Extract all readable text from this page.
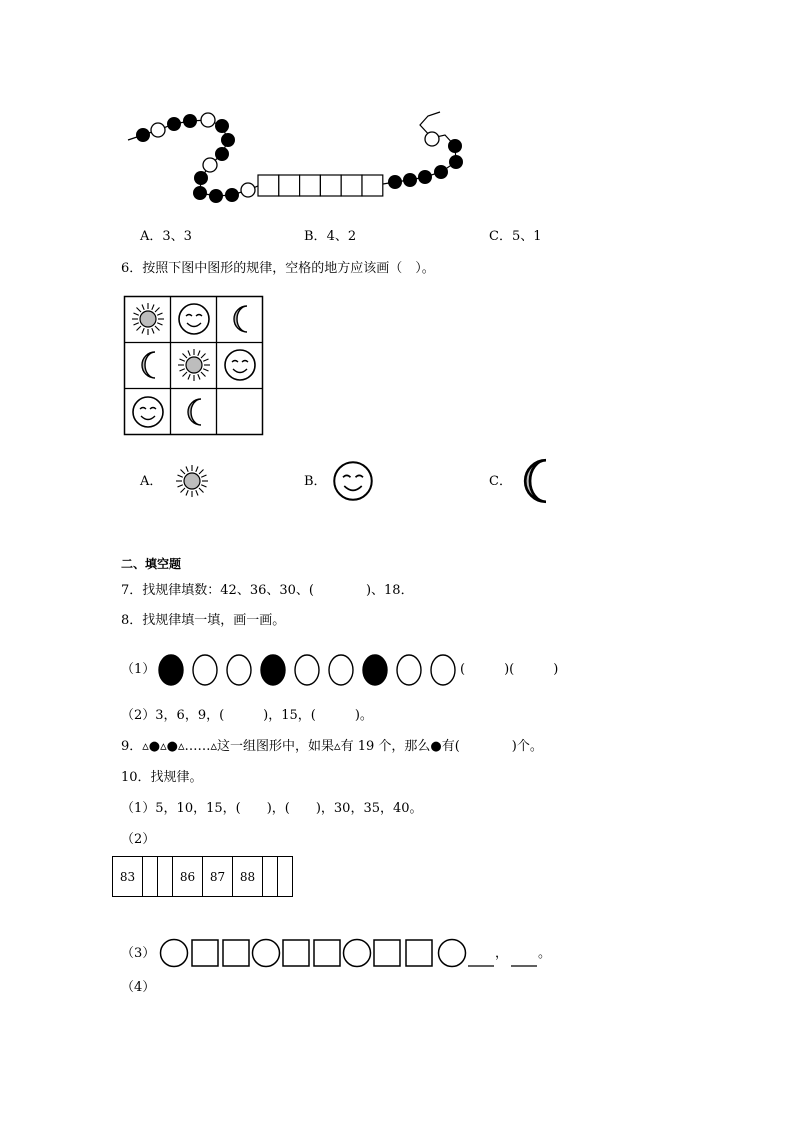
A．3、3	B．4、2	C．5、1
6．按照下图中图形的规律，空格的地方应该画（　）。
A．	B．	C．
二、填空题
7．找规律填数：42、36、30、(　　　　)、18．
8．找规律填一填，画一画。
（1）	(　　　)(　　　)
（2）3，6，9，(　　　)，15，(　　　)。
9．▵●▵●▵……▵这一组图形中，如果▵有 19 个，那么●有(　　　　)个。
10．找规律。
（1）5，10，15，(　　)，(　　)，30，35，40。
（2）
83			86	87	88		
（3）	， 。
（4）
